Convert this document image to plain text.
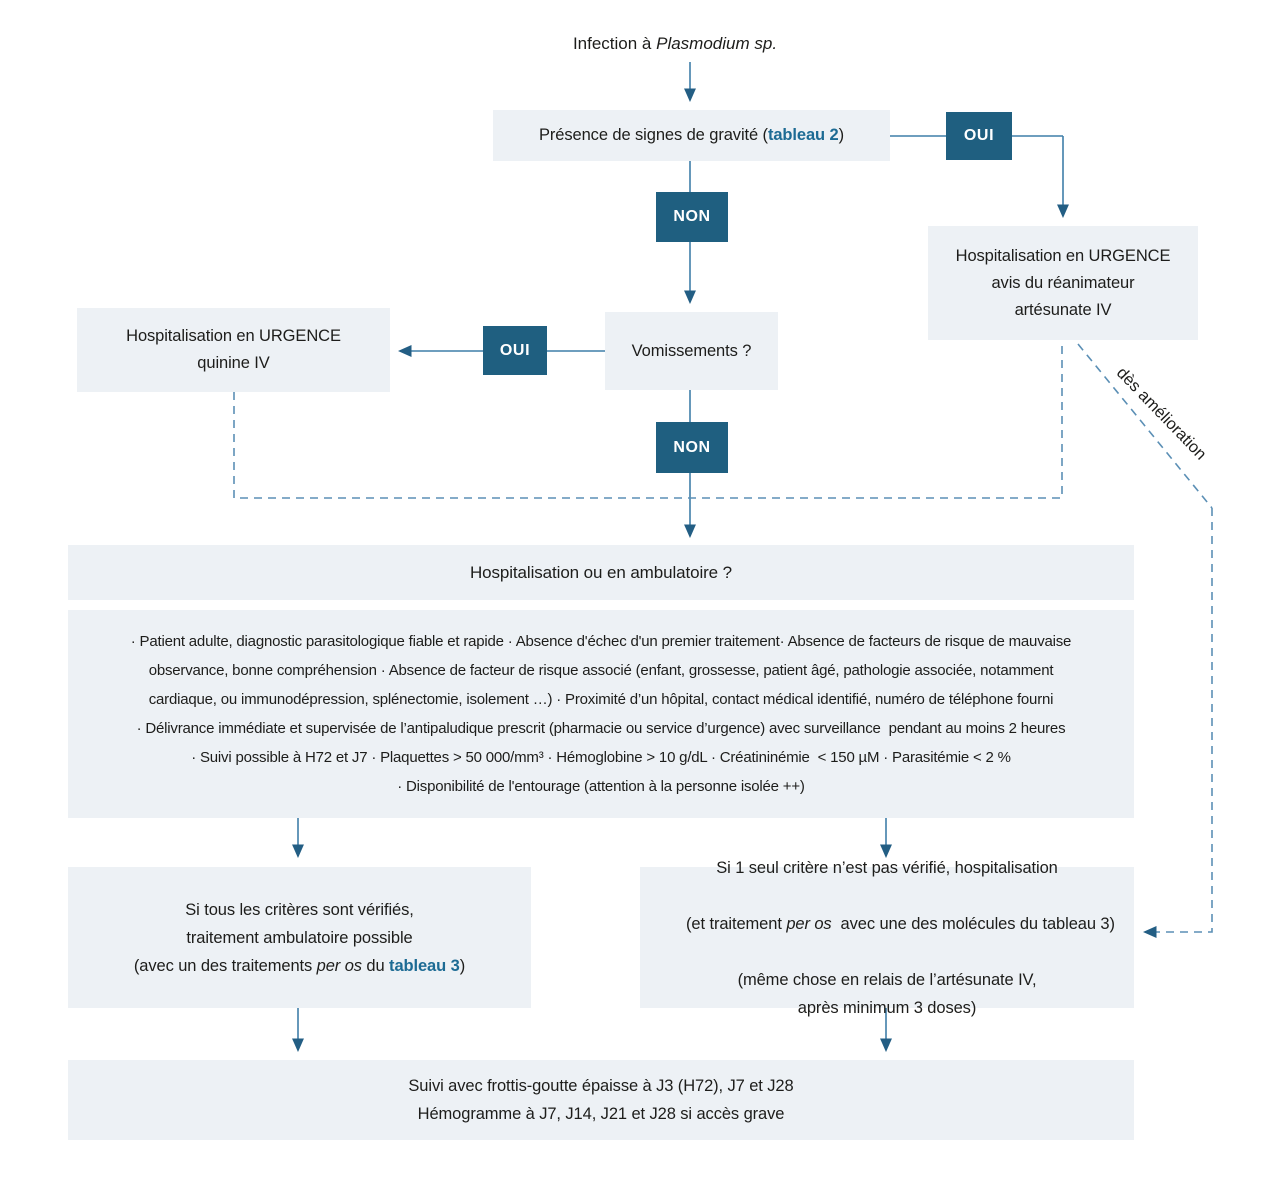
Infection à Plasmodium sp.
Présence de signes de gravité (tableau 2)	OUI
Hospitalisation en URGENCE
avis du réanimateur
artésunate IV
NON
Vomissements ?
OUI
Hospitalisation en URGENCE
quinine IV
NON	dès amélioration
Hospitalisation ou en ambulatoire ?
· Patient adulte, diagnostic parasitologique fiable et rapide · Absence d'échec d'un premier traitement· Absence de facteurs de risque de mauvaise
observance, bonne compréhension · Absence de facteur de risque associé (enfant, grossesse, patient âgé, pathologie associée, notamment
cardiaque, ou immunodépression, splénectomie, isolement …) · Proximité d’un hôpital, contact médical identifié, numéro de téléphone fourni
· Délivrance immédiate et supervisée de l’antipaludique prescrit (pharmacie ou service d’urgence) avec surveillance  pendant au moins 2 heures
· Suivi possible à H72 et J7 · Plaquettes > 50 000/mm³ · Hémoglobine > 10 g/dL · Créatininémie  < 150 µM · Parasitémie < 2 %
· Disponibilité de l'entourage (attention à la personne isolée ++)
Si tous les critères sont vérifiés,
traitement ambulatoire possible
(avec un des traitements per os du tableau 3)
Si 1 seul critère n’est pas vérifié, hospitalisation

(et traitement per os  avec une des molécules du tableau 3)

(même chose en relais de l’artésunate IV,
après minimum 3 doses)
Suivi avec frottis-goutte épaisse à J3 (H72), J7 et J28
Hémogramme à J7, J14, J21 et J28 si accès grave
